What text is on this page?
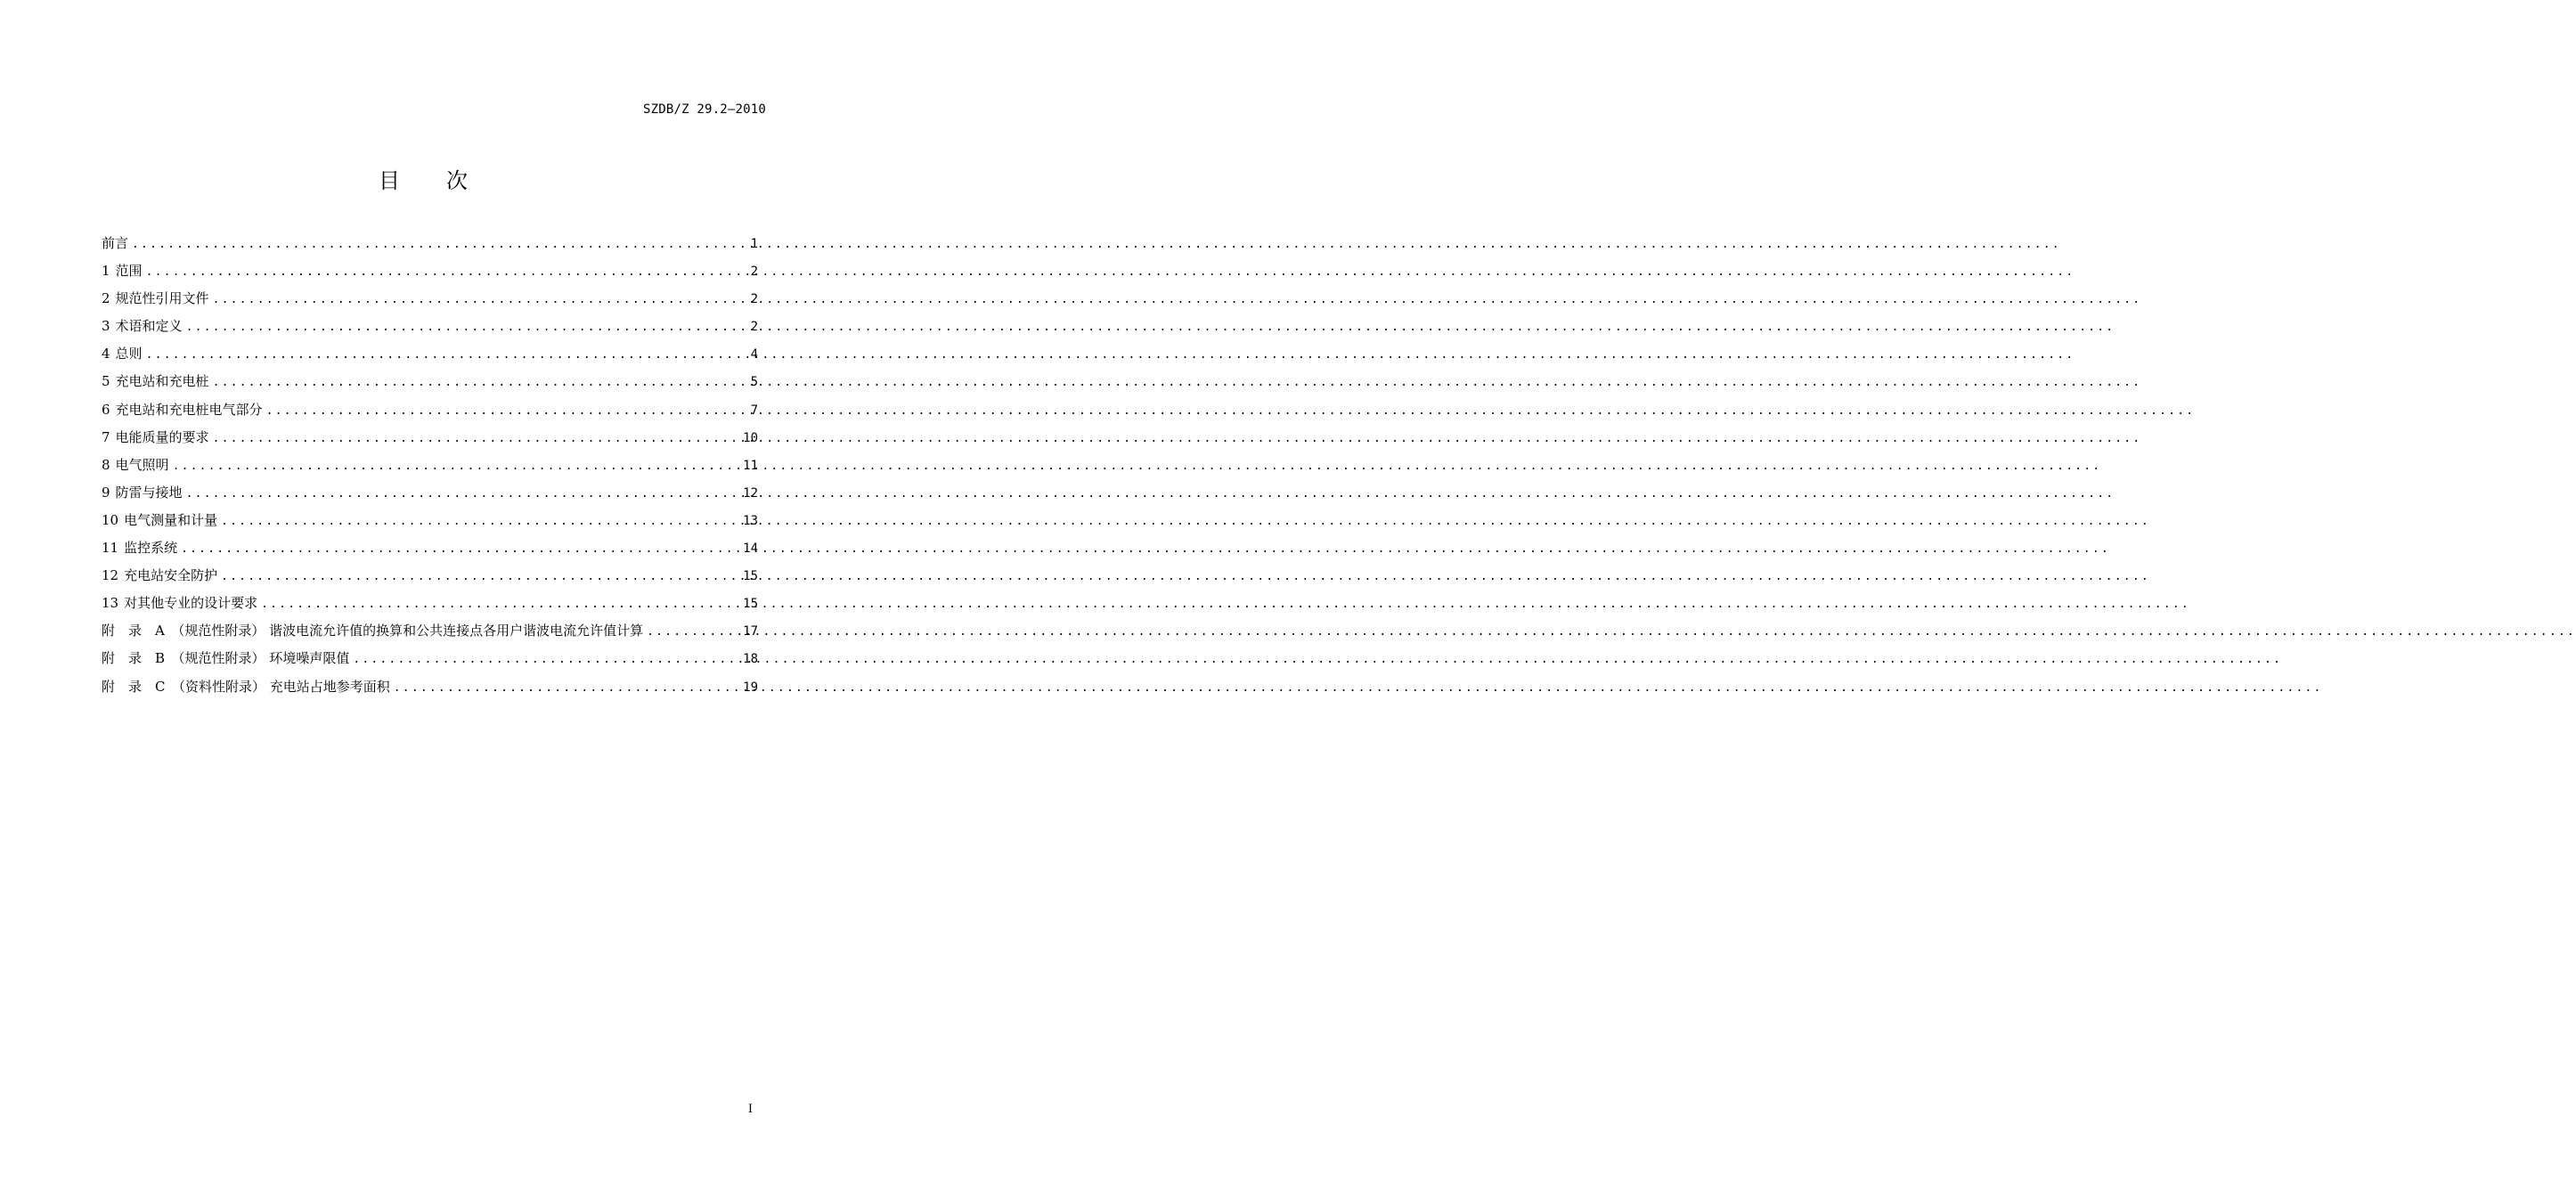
SZDB/Z 29.2—2010
目 次
前言 .....	1
1 范围 .....	2
2 规范性引用文件 .....	2
3 术语和定义 .....	2
4 总则 .....	4
5 充电站和充电桩 .....	5
6 充电站和充电桩电气部分 .....	7
7 电能质量的要求 .....	10
8 电气照明 .....	11
9 防雷与接地 .....	12
10 电气测量和计量 .....	13
11 监控系统 .....	14
12 充电站安全防护 .....	15
13 对其他专业的设计要求 .....	15
附　录　A　（规范性附录） 谐波电流允许值的换算和公共连接点各用户谐波电流允许值计算 .....	17
附　录　B　（规范性附录） 环境噪声限值 .....	18
附　录　C　（资料性附录） 充电站占地参考面积 .....	19
I
